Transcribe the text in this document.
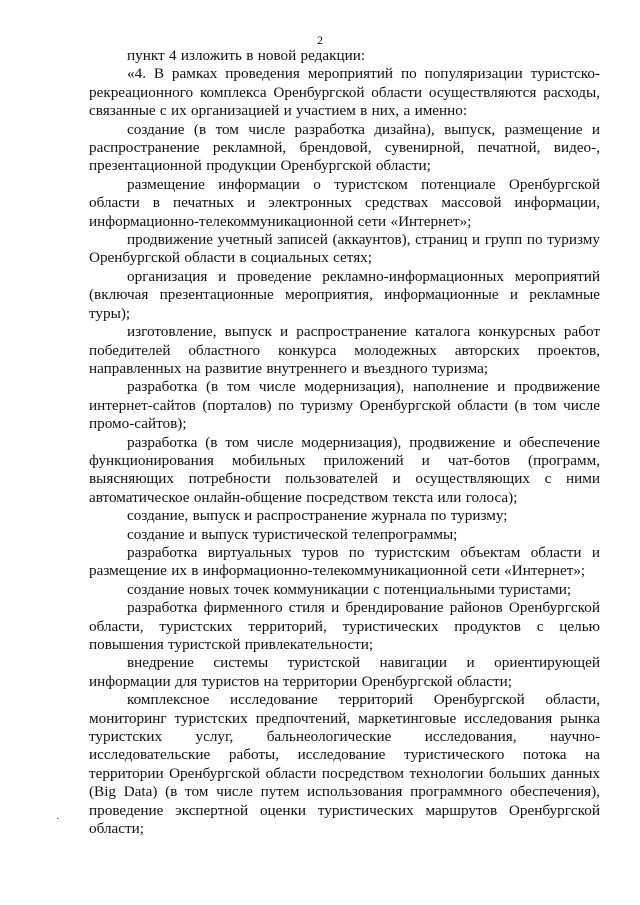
2

пункт 4 изложить в новой редакции:

«4. В рамках проведения мероприятий по популяризации туристско-рекреационного комплекса Оренбургской области осуществляются расходы, связанные с их организацией и участием в них, а именно:

создание (в том числе разработка дизайна), выпуск, размещение и распространение рекламной, брендовой, сувенирной, печатной, видео-, презентационной продукции Оренбургской области;

размещение информации о туристском потенциале Оренбургской области в печатных и электронных средствах массовой информации, информационно-телекоммуникационной сети «Интернет»;

продвижение учетный записей (аккаунтов), страниц и групп по туризму Оренбургской области в социальных сетях;

организация и проведение рекламно-информационных мероприятий (включая презентационные мероприятия, информационные и рекламные туры);

изготовление, выпуск и распространение каталога конкурсных работ победителей областного конкурса молодежных авторских проектов, направленных на развитие внутреннего и въездного туризма;

разработка (в том числе модернизация), наполнение и продвижение интернет-сайтов (порталов) по туризму Оренбургской области (в том числе промо-сайтов);

разработка (в том числе модернизация), продвижение и обеспечение функционирования мобильных приложений и чат-ботов (программ, выясняющих потребности пользователей и осуществляющих с ними автоматическое онлайн-общение посредством текста или голоса);

создание, выпуск и распространение журнала по туризму;

создание и выпуск туристической телепрограммы;

разработка виртуальных туров по туристским объектам области и размещение их в информационно-телекоммуникационной сети «Интернет»;

создание новых точек коммуникации с потенциальными туристами;

разработка фирменного стиля и брендирование районов Оренбургской области, туристских территорий, туристических продуктов с целью повышения туристской привлекательности;

внедрение системы туристской навигации и ориентирующей информации для туристов на территории Оренбургской области;

комплексное исследование территорий Оренбургской области, мониторинг туристских предпочтений, маркетинговые исследования рынка туристских услуг, бальнеологические исследования, научно-исследовательские работы, исследование туристического потока на территории Оренбургской области посредством технологии больших данных (Big Data) (в том числе путем использования программного обеспечения), проведение экспертной оценки туристических маршрутов Оренбургской области;

·
